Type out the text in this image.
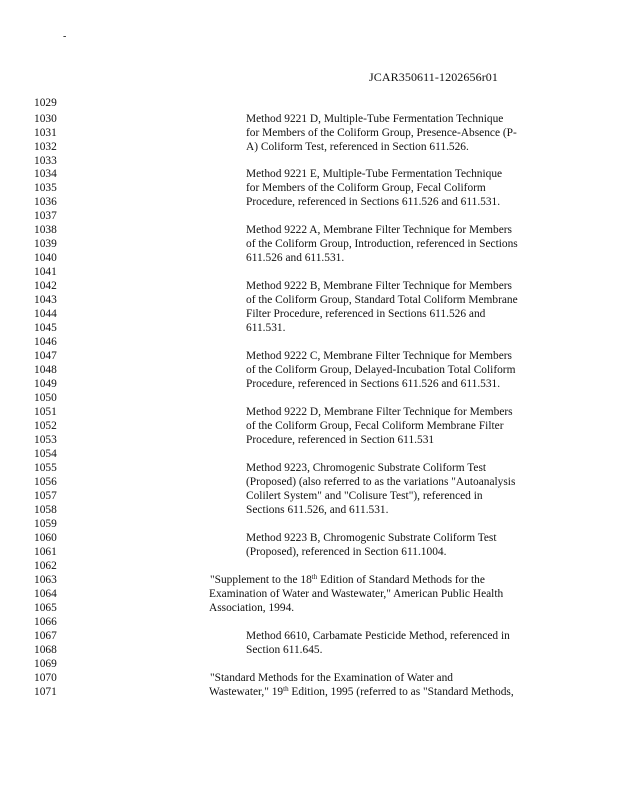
-
JCAR350611-1202656r01
1029
1030	Method 9221 D, Multiple-Tube Fermentation Technique
1031	for Members of the Coliform Group, Presence-Absence (P-
1032	A) Coliform Test, referenced in Section 611.526.
1033
1034	Method 9221 E, Multiple-Tube Fermentation Technique
1035	for Members of the Coliform Group, Fecal Coliform
1036	Procedure, referenced in Sections 611.526 and 611.531.
1037
1038	Method 9222 A, Membrane Filter Technique for Members
1039	of the Coliform Group, Introduction, referenced in Sections
1040	611.526 and 611.531.
1041
1042	Method 9222 B, Membrane Filter Technique for Members
1043	of the Coliform Group, Standard Total Coliform Membrane
1044	Filter Procedure, referenced in Sections 611.526 and
1045	611.531.
1046
1047	Method 9222 C, Membrane Filter Technique for Members
1048	of the Coliform Group, Delayed-Incubation Total Coliform
1049	Procedure, referenced in Sections 611.526 and 611.531.
1050
1051	Method 9222 D, Membrane Filter Technique for Members
1052	of the Coliform Group, Fecal Coliform Membrane Filter
1053	Procedure, referenced in Section 611.531
1054
1055	Method 9223, Chromogenic Substrate Coliform Test
1056	(Proposed) (also referred to as the variations "Autoanalysis
1057	Colilert System" and "Colisure Test"), referenced in
1058	Sections 611.526, and 611.531.
1059
1060	Method 9223 B, Chromogenic Substrate Coliform Test
1061	(Proposed), referenced in Section 611.1004.
1062
1063	"Supplement to the 18th Edition of Standard Methods for the
1064	Examination of Water and Wastewater," American Public Health
1065	Association, 1994.
1066
1067	Method 6610, Carbamate Pesticide Method, referenced in
1068	Section 611.645.
1069
1070	"Standard Methods for the Examination of Water and
1071	Wastewater," 19th Edition, 1995 (referred to as "Standard Methods,
